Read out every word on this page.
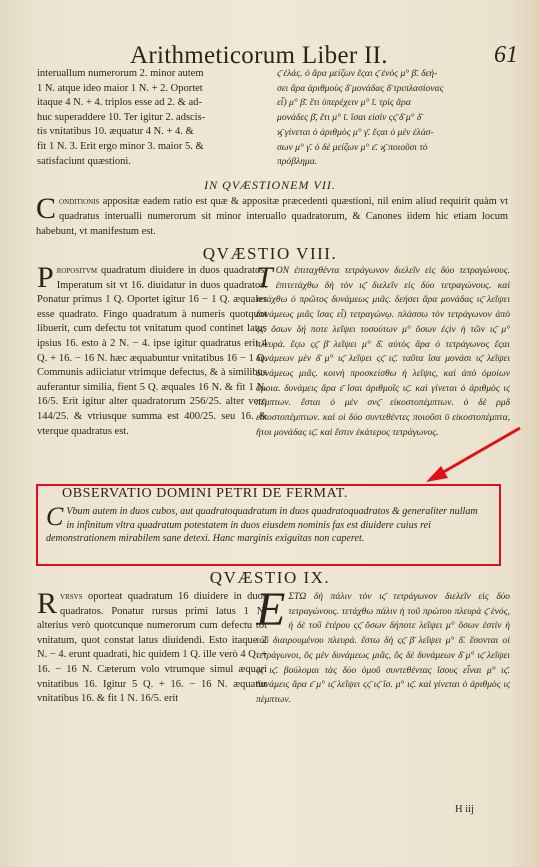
Arithmeticorum Liber II.	61

interuallum numerorum 2. minor autem

1 N. atque ideo maior 1 N. + 2. Oportet

itaque 4 N. + 4. triplos esse ad 2. & ad-

huc superaddere 10. Ter igitur 2. adscis-

tis vnitatibus 10. æquatur 4 N. + 4. &

fit 1 N. 3. Erit ergo minor 3. maior 5. &

satisfaciunt quæstioni.

ς̄ ἐλάς. ὁ ἄρα μείζων ἔςαι ς̄ ἑνὸς μ° β̄. δεή-

σει ἄρα ἀριθμοὺς δ̄ μονάδας δ̄ τριπλασίονας

εἶ) μ° β̄. ἔτι ὑπερέχειν μ° ῑ. τρὶς ἄρα

μονάδες β̄, ἔτι μ° ῑ. ἴσαι εἰσὶν ςς̄ δ̄ μ° δ̄

ϗ̄ γίνεται ὁ ἀριθμὸς μ° γ̄. ἔςαι ὁ μὲν ἐλάσ-

σων μ° γ̄. ὁ δὲ μείζων μ° ε̄. ϗ̄ ποιοῦσι τὸ

πρόβλημα.

IN QVÆSTIONEM VII.
Conditionis appositæ eadem ratio est quæ & appositæ præcedenti quæstioni, nil enim aliud requirit quàm vt quadratus interualli numerorum sit minor interuallo quadratorum, & Canones iidem hic etiam locum habebunt, vt manifestum est.
QVÆSTIO VIII.
Propositvm quadratum diuidere in duos quadratos. Imperatum sit vt 16. diuidatur in duos quadratos. Ponatur primus 1 Q. Oportet igitur 16 − 1 Q. æquales esse quadrato. Fingo quadratum à numeris quotquot libuerit, cum defectu tot vnitatum quod continet latus ipsius 16. esto à 2 N. − 4. ipse igitur quadratus erit 4 Q. + 16. − 16 N. hæc æquabuntur vnitatibus 16 − 1 Q. Communis adiiciatur vtrimque defectus, & à similibus auferantur similia, fient 5 Q. æquales 16 N. & fit 1 N. 16/5. Erit igitur alter quadratorum 256/25. alter vero 144/25. & vtriusque summa est 400/25. seu 16. & vterque quadratus est.
TΟΝ ἐπιταχθέντα τετράγωνον διελεῖν εἰς δύο τετραγώνους. ἐπιτετάχθω δὴ τὸν ις̄ διελεῖν εἰς δύο τετραγώνους. καὶ τετάχθω ὁ πρῶτος δυνάμεως μιᾶς. δεήσει ἄρα μονάδας ις̄ λεῖψει δυνάμεως μιᾶς ἴσας εἶ) τετραγώνῳ. πλάσσω τὸν τετράγωνον ἀπὸ ςς̄. ὅσων δή ποτε λεῖψει τοσούτων μ° ὅσων ἐςὶν ἡ τῶν ις̄ μ° πλευρά. ἔςω ςς̄ β̄ λεῖψει μ° δ̄. αὐτὸς ἄρα ὁ τετράγωνος ἔςαι δυνάμεων μὲν δ̄ μ° ις̄ λεῖψει ςς̄ ις̄. ταῦτα ἴσα μονάσι ις̄ λεῖψει δυνάμεως μιᾶς. κοινὴ προσκείσθω ἡ λεῖψις, καὶ ἀπὸ ὁμοίων ὅμοια. δυνάμεις ἄρα ε̄ ἴσαι ἀριθμοῖς ις̄. καὶ γίνεται ὁ ἀριθμὸς ις̄ πέμπτων. ἔσται ὁ μὲν σνς̄ εἰκοστοπέμπτων. ὁ δὲ ρμδ̄ εἰκοστοπέμπτων. καὶ οἱ δύο συντεθέντες ποιοῦσι ῡ εἰκοστοπέμπτα, ἤτοι μονάδας ις̄. καὶ ἔστιν ἑκάτερος τετράγωνος.
OBSERVATIO DOMINI PETRI DE FERMAT.
C Vbum autem in duos cubos, aut quadratoquadratum in duos quadratoquadratos & generaliter nullam in infinitum vltra quadratum potestatem in duos eiusdem nominis fas est diuidere cuius rei demonstrationem mirabilem sane detexi. Hanc marginis exiguitas non caperet.
QVÆSTIO IX.
Rvrsvs oporteat quadratum 16 diuidere in duos quadratos. Ponatur rursus primi latus 1 N. alterius verò quotcunque numerorum cum defectu tot vnitatum, quot constat latus diuidendi. Esto itaque 2 N. − 4. erunt quadrati, hic quidem 1 Q. ille verò 4 Q. + 16. − 16 N. Cæterum volo vtrumque simul æquari vnitatibus 16. Igitur 5 Q. + 16. − 16 N. æquatur vnitatibus 16. & fit 1 N. 16/5. erit
EΣΤΩ δὴ πάλιν τὸν ις̄ τετράγωνον διελεῖν εἰς δύο τετραγώνους. τετάχθω πάλιν ἡ τοῦ πρώτου πλευρὰ ς̄ ἑνός, ἡ δὲ τοῦ ἑτέρου ςς̄ ὅσων δήποτε λεῖψει μ° ὅσων ἐστὶν ἡ τοῦ διαιρουμένου πλευρά. ἔστω δὴ ςς̄ β̄ λεῖψει μ° δ̄. ἔσονται οἱ τετράγωνοι, ὃς μὲν δυνάμεως μιᾶς, ὃς δὲ δυνάμεων δ̄ μ° ις̄ λεῖψει ςς̄ ις̄. βούλομαι τὰς δύο ὁμοῦ συντεθέντας ἴσους εἶναι μ° ις̄. δυνάμεις ἄρα ε̄ μ° ις̄ λεῖψει ςς̄ ις̄ ἴσ. μ° ις̄. καὶ γίνεται ὁ ἀριθμὸς ις̄ πέμπτων.
H iij
